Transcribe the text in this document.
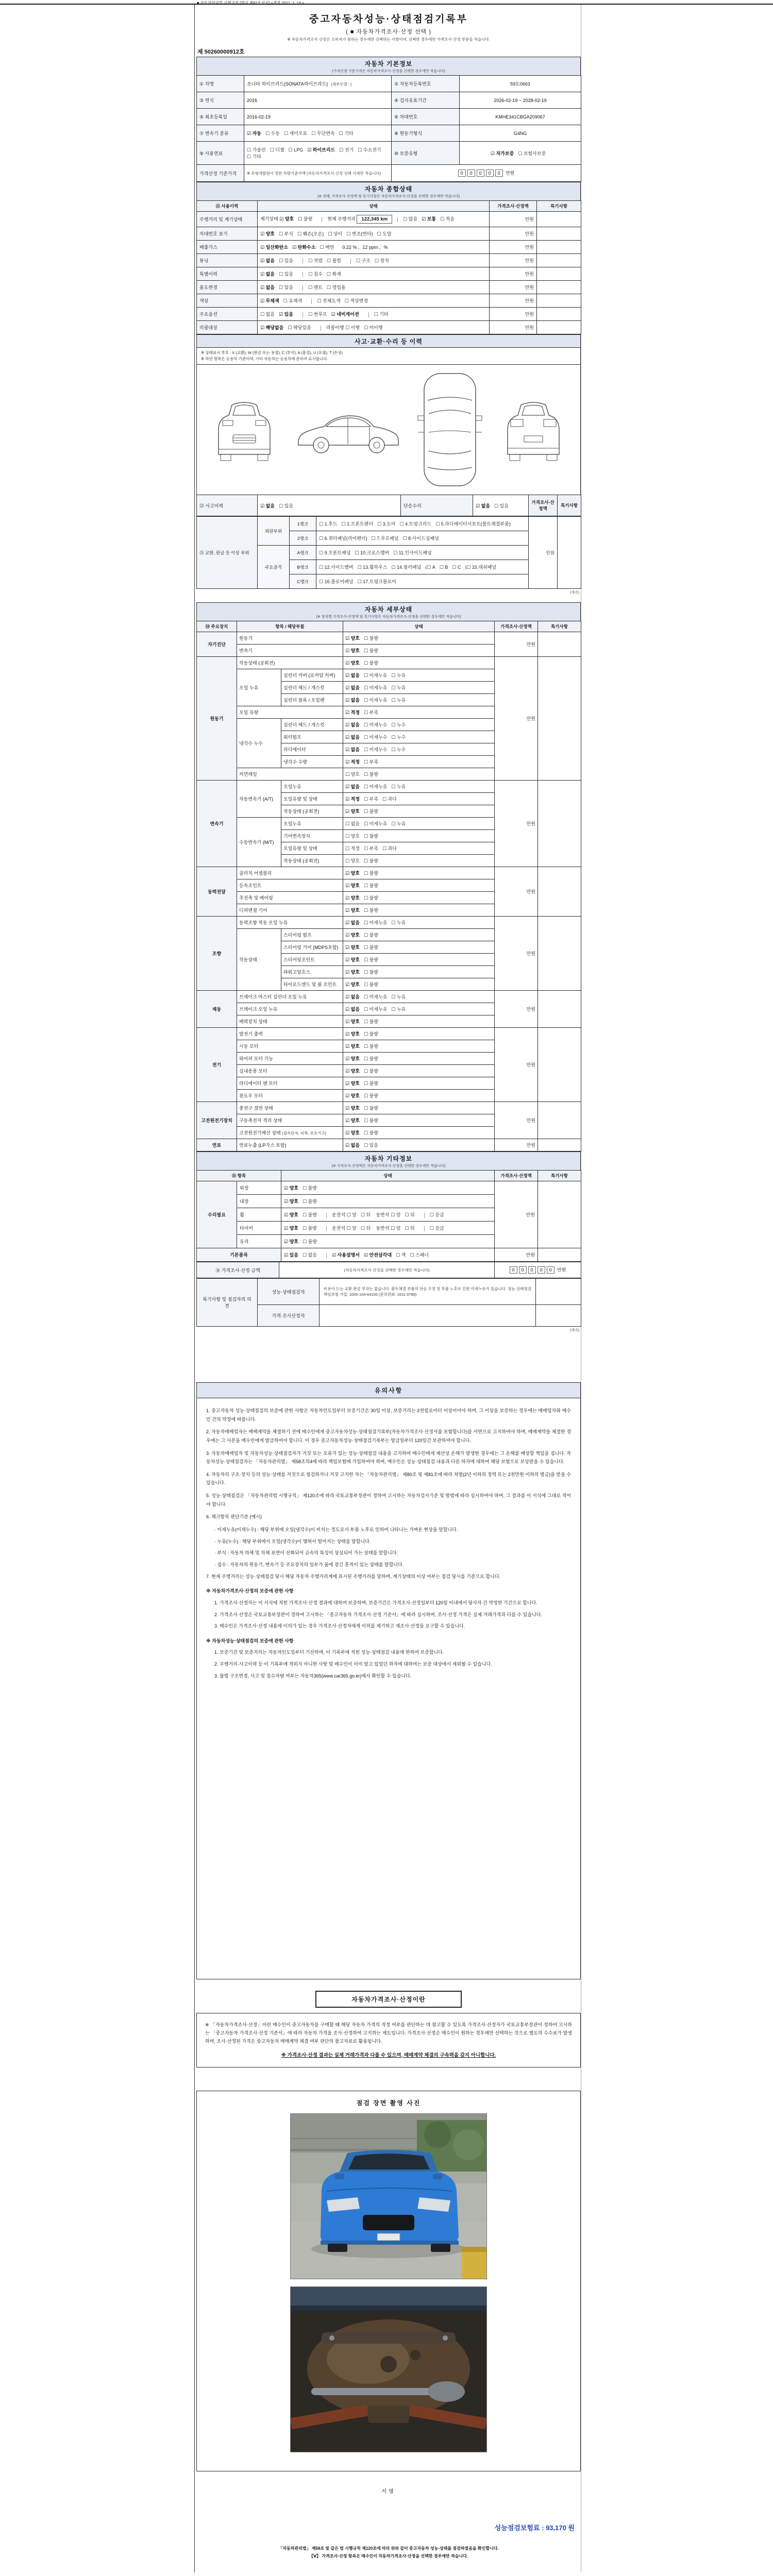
■ 자동차관리법 시행규칙 [별지 제82호서식] <개정 2021. 1. 19.>
중고자동차성능·상태점검기록부
( ■ 자동차가격조사·산정 선택 )
※ 자동차가격조사·산정은 소비자가 원하는 경우에만 선택하는 사항이며, 선택한 경우에만 가격조사·산정 부분을 적습니다.
제 50260000912호
자동차 기본정보
(가격산정 기준가격은 자동차가격조사·산정을 선택한 경우에만 적습니다)
① 차명	쏘나타 하이브리드(SONATA하이브리드) (세부모델 : )	② 자동차등록번호	59도0663
③ 연식	2016	④ 검사유효기간	2026-02-19 ~ 2028-02-19
⑤ 최초등록일	2016-02-19	⑥ 차대번호	KMHE341CBGA209067
⑦ 변속기 종류	☑ 자동 ☐ 수동 ☐ 세미오토 ☐ 무단변속 ☐ 기타	⑧ 원동기형식	G4NG
⑨ 사용연료	☐ 가솔린 ☐ 디젤 ☐ LPG ☑ 하이브리드 ☐ 전기 ☐ 수소전기☐ 기타	⑩ 보증유형	☑ 자가보증 ☐ 보험사보증
가격산정 기준가격	※ 보험개발원이 정한 차량기준가액 (자동차가격조사·산정 선택 시에만 적습니다)	0 0 0 0 0 만원	
자동차 종합상태
(※ 상태, 가격조사·산정액 및 특기사항은 자동차가격조사·산정을 선택한 경우에만 적습니다)
⑪ 사용이력	상태	가격조사·산정액	특기사항
주행거리 및 계기상태	계기상태 ☑ 양호 ☐ 불량 현재 주행거리 122,345 km ☐ 많음 ☑ 보통 ☐ 적음	만원	
차대번호 표기	☑ 양호 ☐ 부식 ☐ 훼손(오손) ☐ 상이 ☐ 변조(변타) ☐ 도말	만원	
배출가스	☑ 일산화탄소 ☑ 탄화수소 ☐ 매연 0.22 % , 12 ppm , %	만원	
튜닝	☑ 없음 ☐ 있음 ☐ 적법 ☐ 불법 ☐ 구조 ☐ 장치	만원	
특별이력	☑ 없음 ☐ 있음 ☐ 침수 ☐ 화재	만원	
용도변경	☑ 없음 ☐ 있음 ☐ 렌트 ☐ 영업용	만원	
색상	☑ 무채색 ☐ 유채색 ☐ 전체도색 ☐ 색상변경	만원	
주요옵션	☐ 없음 ☑ 있음 ☐ 썬루프 ☑ 네비게이션 ☐ 기타	만원	
리콜대상	☑ 해당없음 ☐ 해당있음 리콜이행 ☐ 이행 ☐ 미이행	만원	
사고·교환·수리 등 이력
※ 상태표시 부호 : X (교환), W (판금 또는 용접), C (부식), A (흠집), U (요철), T (손상)
※ 하단 항목은 승용차 기준이며, 기타 자동차는 승용차에 준하여 표시합니다.
⑫ 사고이력	☑ 없음 ☐ 있음	단순수리	☑ 없음 ☐ 있음	가격조사·산정액	특기사항
⑬ 교환, 판금 등 이상 부위	외판부위	1랭크	☐ 1.후드 ☐ 2.프론트펜더 ☐ 3.도어 ☐ 4.트렁크리드 ☐ 5.라디에이터서포트(볼트체결부품)	만원	
		2랭크	☐ 6.쿼터패널(리어펜더) ☐ 7.루프패널 ☐ 8.사이드실패널		
	주요골격	A랭크	☐ 9.프론트패널 ☐ 10.크로스멤버 ☐ 11.인사이드패널		
		B랭크	☐ 12.사이드멤버 ☐ 13.휠하우스 ☐ 14.필러패널 (☐ A ☐ B ☐ C )☐ 15.대쉬패널		
		C랭크	☐ 16.플로어패널 ☐ 17.트렁크플로어		
(계속)
자동차 세부상태
(※ 장치별 가격조사·산정액 및 특기사항은 자동차가격조사·산정을 선택한 경우에만 적습니다)
⑭ 주요장치	항목 / 해당부품		상태	가격조사·산정액	특기사항
자기진단	원동기		☑ 양호 ☐ 불량	만원	
	변속기		☑ 양호 ☐ 불량		
원동기	작동상태 (공회전)		☑ 양호 ☐ 불량	만원	
	오일 누유	실린더 커버 (로커암 커버)	☑ 없음 ☐ 미세누유 ☐ 누유		
		실린더 헤드 / 개스킷	☑ 없음 ☐ 미세누유 ☐ 누유		
		실린더 블록 / 오일팬	☑ 없음 ☐ 미세누유 ☐ 누유		
	오일 유량		☑ 적정 ☐ 부족		
	냉각수 누수	실린더 헤드 / 개스킷	☑ 없음 ☐ 미세누수 ☐ 누수		
		워터펌프	☑ 없음 ☐ 미세누수 ☐ 누수		
		라디에이터	☑ 없음 ☐ 미세누수 ☐ 누수		
		냉각수 수량	☑ 적정 ☐ 부족		
	커먼레일		☐ 양호 ☐ 불량		
변속기	자동변속기 (A/T)	오일누유	☑ 없음 ☐ 미세누유 ☐ 누유	만원	
		오일유량 및 상태	☑ 적정 ☐ 부족 ☐ 과다		
		작동상태 (공회전)	☑ 양호 ☐ 불량		
	수동변속기 (M/T)	오일누유	☐ 없음 ☐ 미세누유 ☐ 누유		
		기어변속장치	☐ 양호 ☐ 불량		
		오일유량 및 상태	☐ 적정 ☐ 부족 ☐ 과다		
		작동상태 (공회전)	☐ 양호 ☐ 불량		
동력전달	클러치 어셈블리		☑ 양호 ☐ 불량	만원	
	등속조인트		☑ 양호 ☐ 불량		
	추진축 및 베어링		☑ 양호 ☐ 불량		
	디퍼렌셜 기어		☑ 양호 ☐ 불량		
조향	동력조향 작동 오일 누유		☑ 없음 ☐ 미세누유 ☐ 누유	만원	
	작동상태	스티어링 펌프	☑ 양호 ☐ 불량		
		스티어링 기어 (MDPS포함)	☑ 양호 ☐ 불량		
		스티어링조인트	☑ 양호 ☐ 불량		
		파워고압호스	☑ 양호 ☐ 불량		
		타이로드엔드 및 볼 조인트	☑ 양호 ☐ 불량		
제동	브레이크 마스터 실린더 오일 누유		☑ 없음 ☐ 미세누유 ☐ 누유	만원	
	브레이크 오일 누유		☑ 없음 ☐ 미세누유 ☐ 누유		
	배력장치 상태		☑ 양호 ☐ 불량		
전기	발전기 출력		☑ 양호 ☐ 불량	만원	
	시동 모터		☑ 양호 ☐ 불량		
	와이퍼 모터 기능		☑ 양호 ☐ 불량		
	실내송풍 모터		☑ 양호 ☐ 불량		
	라디에이터 팬 모터		☑ 양호 ☐ 불량		
	윈도우 모터		☑ 양호 ☐ 불량		
고전원전기장치	충전구 절연 상태		☑ 양호 ☐ 불량	만원	
	구동축전지 격리 상태		☑ 양호 ☐ 불량		
	고전원전기배선 상태 (접속단자, 피복, 보호기구)		☑ 양호 ☐ 불량		
연료	연료누출 (LP가스 포함)		☑ 없음 ☐ 있음	만원	
자동차 기타정보
(※ 가격조사·산정액은 자동차가격조사·산정을 선택한 경우에만 적습니다)
⑮ 항목		상태	가격조사·산정액	특기사항
수리필요	외장	☑ 양호 ☐ 불량	만원	
	내장	☑ 양호 ☐ 불량		
	휠	☑ 양호 ☐ 불량 운전석 ☐ 앞 ☐ 뒤 동반석 ☐ 앞 ☐ 뒤 ☐ 응급		
	타이어	☑ 양호 ☐ 불량 운전석 ☐ 앞 ☐ 뒤 동반석 ☐ 앞 ☐ 뒤 ☐ 응급		
	유리	☑ 양호 ☐ 불량		
기본품목		☑ 있음 ☐ 없음 ☑ 사용설명서 ☑ 안전삼각대 ☐ 잭 ☐ 스패너	만원	
⑯ 가격조사·산정 금액	(자동차가격조사·산정을 선택한 경우에만 적습니다)	0 0 0 0 0 만원
특기사항 및 점검자의 의견	성능·상태점검자	비용이 드는 교환·판금 부위는 없습니다. 볼트체결 부품의 단순 오염 및 부품 노후로 인한 미세누유가 있습니다. 성능·상태점검 책임보험 가입: 1005-104-64100 (문의전화: 1611-0789)	
	가격·조사산정자		
(계속)
유의사항
1. 중고자동차 성능·상태점검의 보증에 관한 사항은 자동차인도일부터 보증기간은 30일 이상, 보증거리는 2천킬로미터 이상이어야 하며, 그 이상을 보증하는 경우에는 매매업자와 매수인 간의 약정에 따릅니다.
2. 자동차매매업자는 매매계약을 체결하기 전에 매수인에게 중고자동차성능·상태점검기록부(자동차가격조사·산정서를 포함합니다)를 서면으로 고지하여야 하며, 매매계약을 체결한 경우에는 그 사본을 매수인에게 발급하여야 합니다. 이 경우 중고자동차성능·상태점검기록부는 발급일부터 120일간 보관하여야 합니다.
3. 자동차매매업자 및 자동차성능·상태점검자가 거짓 또는 오류가 있는 성능·상태점검 내용을 고지하여 매수인에게 재산상 손해가 발생한 경우에는 그 손해를 배상할 책임을 집니다. 자동차성능·상태점검자는 「자동차관리법」 제58조의4에 따라 책임보험에 가입하여야 하며, 매수인은 성능·상태점검 내용과 다른 하자에 대하여 해당 보험으로 보상받을 수 있습니다.
4. 자동차의 구조·장치 등의 성능·상태를 거짓으로 점검하거나 거짓 고지한 자는 「자동차관리법」 제80조 및 제81조에 따라 처벌(2년 이하의 징역 또는 2천만원 이하의 벌금)을 받을 수 있습니다.
5. 성능·상태점검은 「자동차관리법 시행규칙」 제120조에 따라 국토교통부장관이 정하여 고시하는 자동차검사기준 및 방법에 따라 실시하여야 하며, 그 결과를 이 서식에 그대로 적어야 합니다.
6. 체크항목 판단기준 (예시)
· 미세누유(미세누수) : 해당 부위에 오일(냉각수)이 비치는 정도로서 부품 노후로 인하여 나타나는 가벼운 현상을 말합니다.
· 누유(누수) : 해당 부위에서 오일(냉각수)이 맺혀서 떨어지는 상태를 말합니다.
· 부식 : 자동차 하체 및 차체 표면이 산화되어 금속의 특성이 상실되어 가는 상태를 말합니다.
· 침수 : 자동차의 원동기, 변속기 등 주요장치의 일부가 물에 잠긴 흔적이 있는 상태를 말합니다.
7. 현재 주행거리는 성능·상태점검 당시 해당 자동차 주행거리계에 표시된 주행거리를 말하며, 계기상태의 이상 여부는 점검 당시를 기준으로 합니다.
※ 자동차가격조사·산정의 보증에 관한 사항
1. 가격조사·산정자는 이 서식에 적힌 가격조사·산정 결과에 대하여 보증하며, 보증기간은 가격조사·산정일부터 120일 이내에서 당사자 간 약정한 기간으로 합니다.
2. 가격조사·산정은 국토교통부장관이 정하여 고시하는 「중고자동차 가격조사·산정 기준서」에 따라 실시하며, 조사·산정 가격은 실제 거래가격과 다를 수 있습니다.
3. 매수인은 가격조사·산정 내용에 이의가 있는 경우 가격조사·산정자에게 이의를 제기하고 재조사·산정을 요구할 수 있습니다.
※ 자동차성능·상태점검의 보증에 관한 사항
1. 보증기간 및 보증거리는 자동차인도일부터 기산하며, 이 기록부에 적힌 성능·상태점검 내용에 한하여 보증합니다.
2. 주행거리·사고이력 등 이 기록부에 적히지 아니한 사항 및 매수인이 이미 알고 있었던 하자에 대하여는 보증 대상에서 제외될 수 있습니다.
3. 불법 구조변경, 사고 및 침수차량 여부는 자동차365(www.car365.go.kr)에서 확인할 수 있습니다.
자동차가격조사·산정이란
※ 「자동차가격조사·산정」이란 매수인이 중고자동차를 구매할 때 해당 자동차 가격의 적정 여부를 판단하는 데 참고할 수 있도록 가격조사·산정자가 국토교통부장관이 정하여 고시하는 「중고자동차 가격조사·산정 기준서」에 따라 자동차 가격을 조사·산정하여 고지하는 제도입니다. 가격조사·산정은 매수인이 원하는 경우에만 선택하는 것으로 별도의 수수료가 발생하며, 조사·산정된 가격은 중고자동차 매매계약 체결 여부 판단의 참고자료로 활용됩니다.
※ 가격조사·산정 결과는 실제 거래가격과 다를 수 있으며, 매매계약 체결의 구속력을 갖지 아니합니다.
점검 장면 촬영 사진
서명
성능점검보험료 : 93,170 원
「자동차관리법」 제58조 및 같은 법 시행규칙 제120조에 따라 위와 같이 중고자동차 성능·상태를 점검하였음을 확인합니다.
【Ⅴ】 가격조사·산정 항목은 매수인이 자동차가격조사·산정을 선택한 경우에만 적습니다.
